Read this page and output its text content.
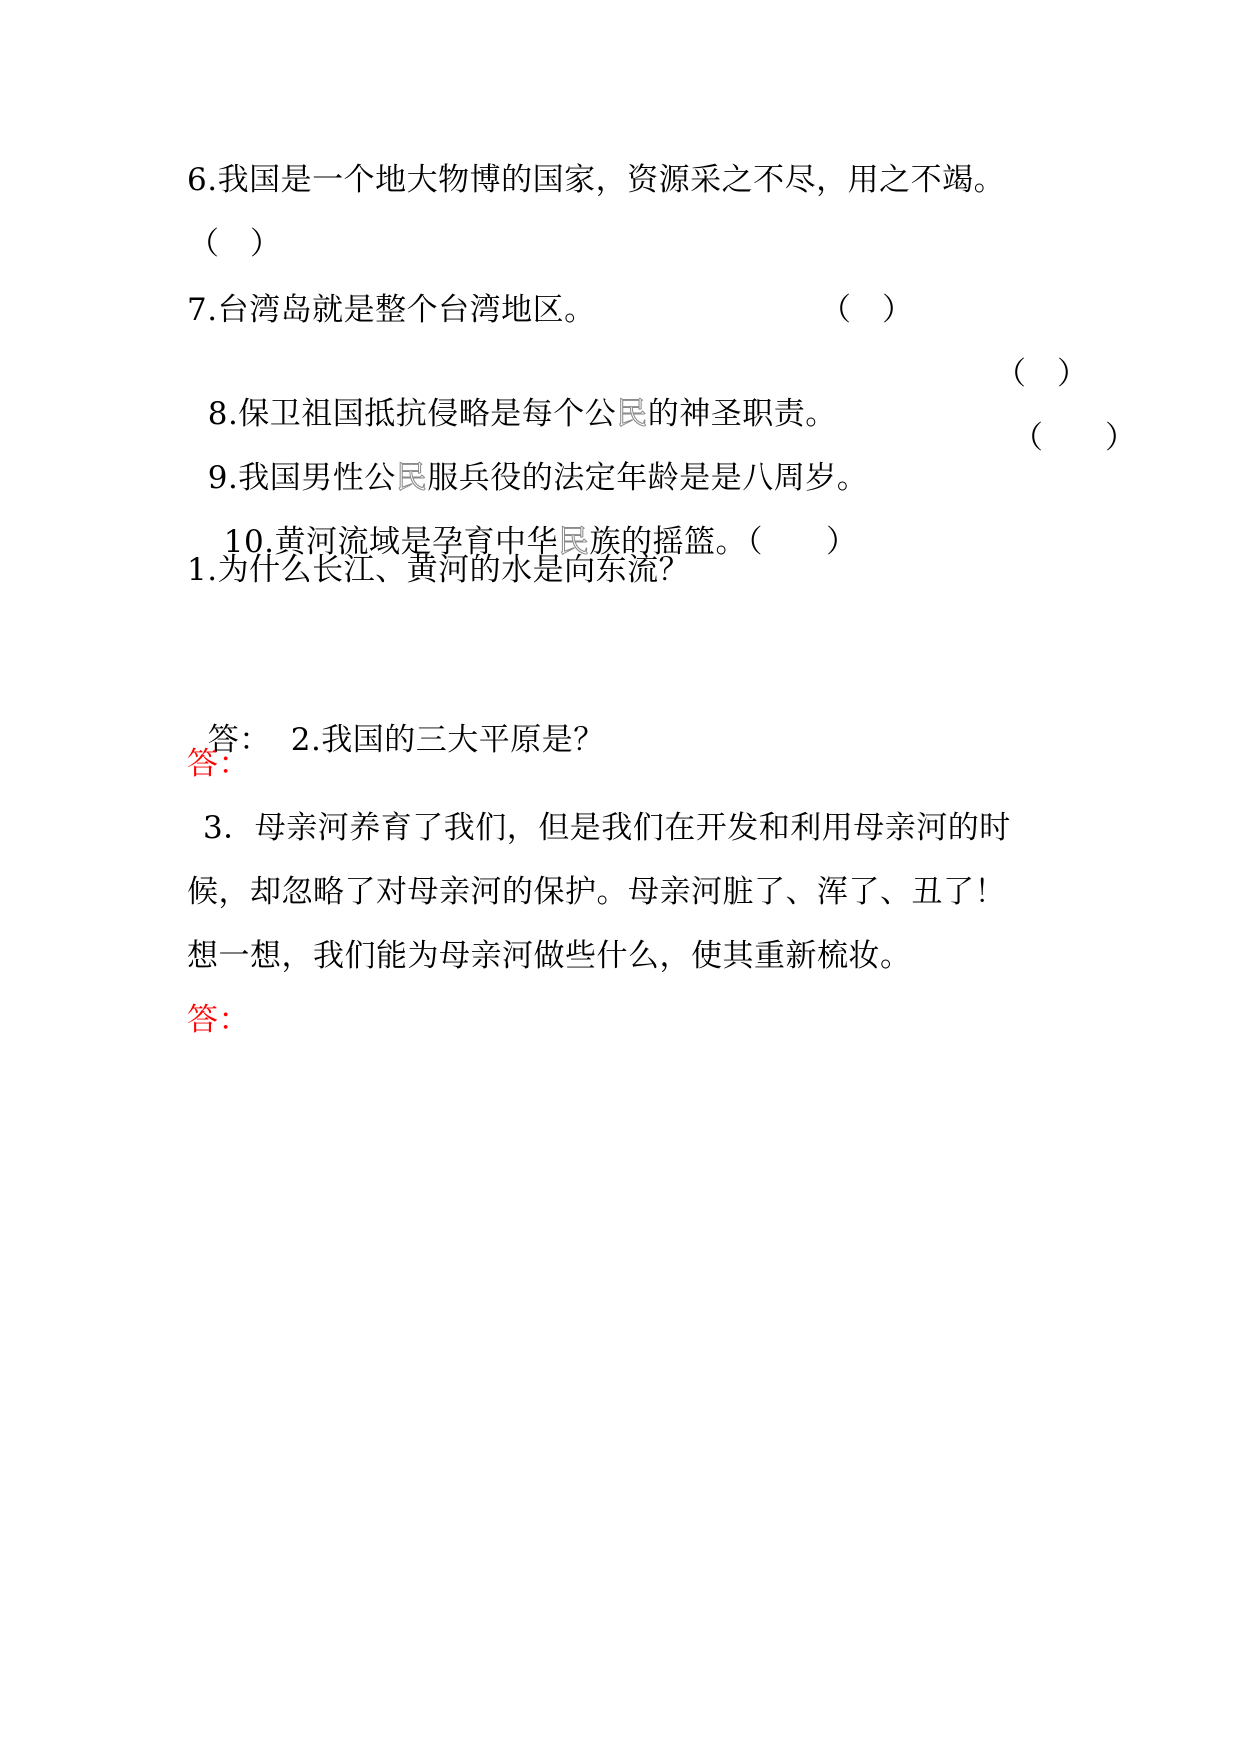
6.我国是一个地大物博的国家，资源采之不尽，用之不竭。
（　）
7.台湾岛就是整个台湾地区。	（　）

8.保卫祖国抵抗侵略是每个公民的神圣职责。

（　）

9.我国男性公民服兵役的法定年龄是是八周岁。

（　　）

10.黄河流域是孕育中华民族的摇篮。（　　）

1.为什么长江、黄河的水是向东流？

答： 2.我国的三大平原是？

答：
3．母亲河养育了我们，但是我们在开发和利用母亲河的时
候，却忽略了对母亲河的保护。母亲河脏了、浑了、丑了！
想一想，我们能为母亲河做些什么，使其重新梳妆。
答：
